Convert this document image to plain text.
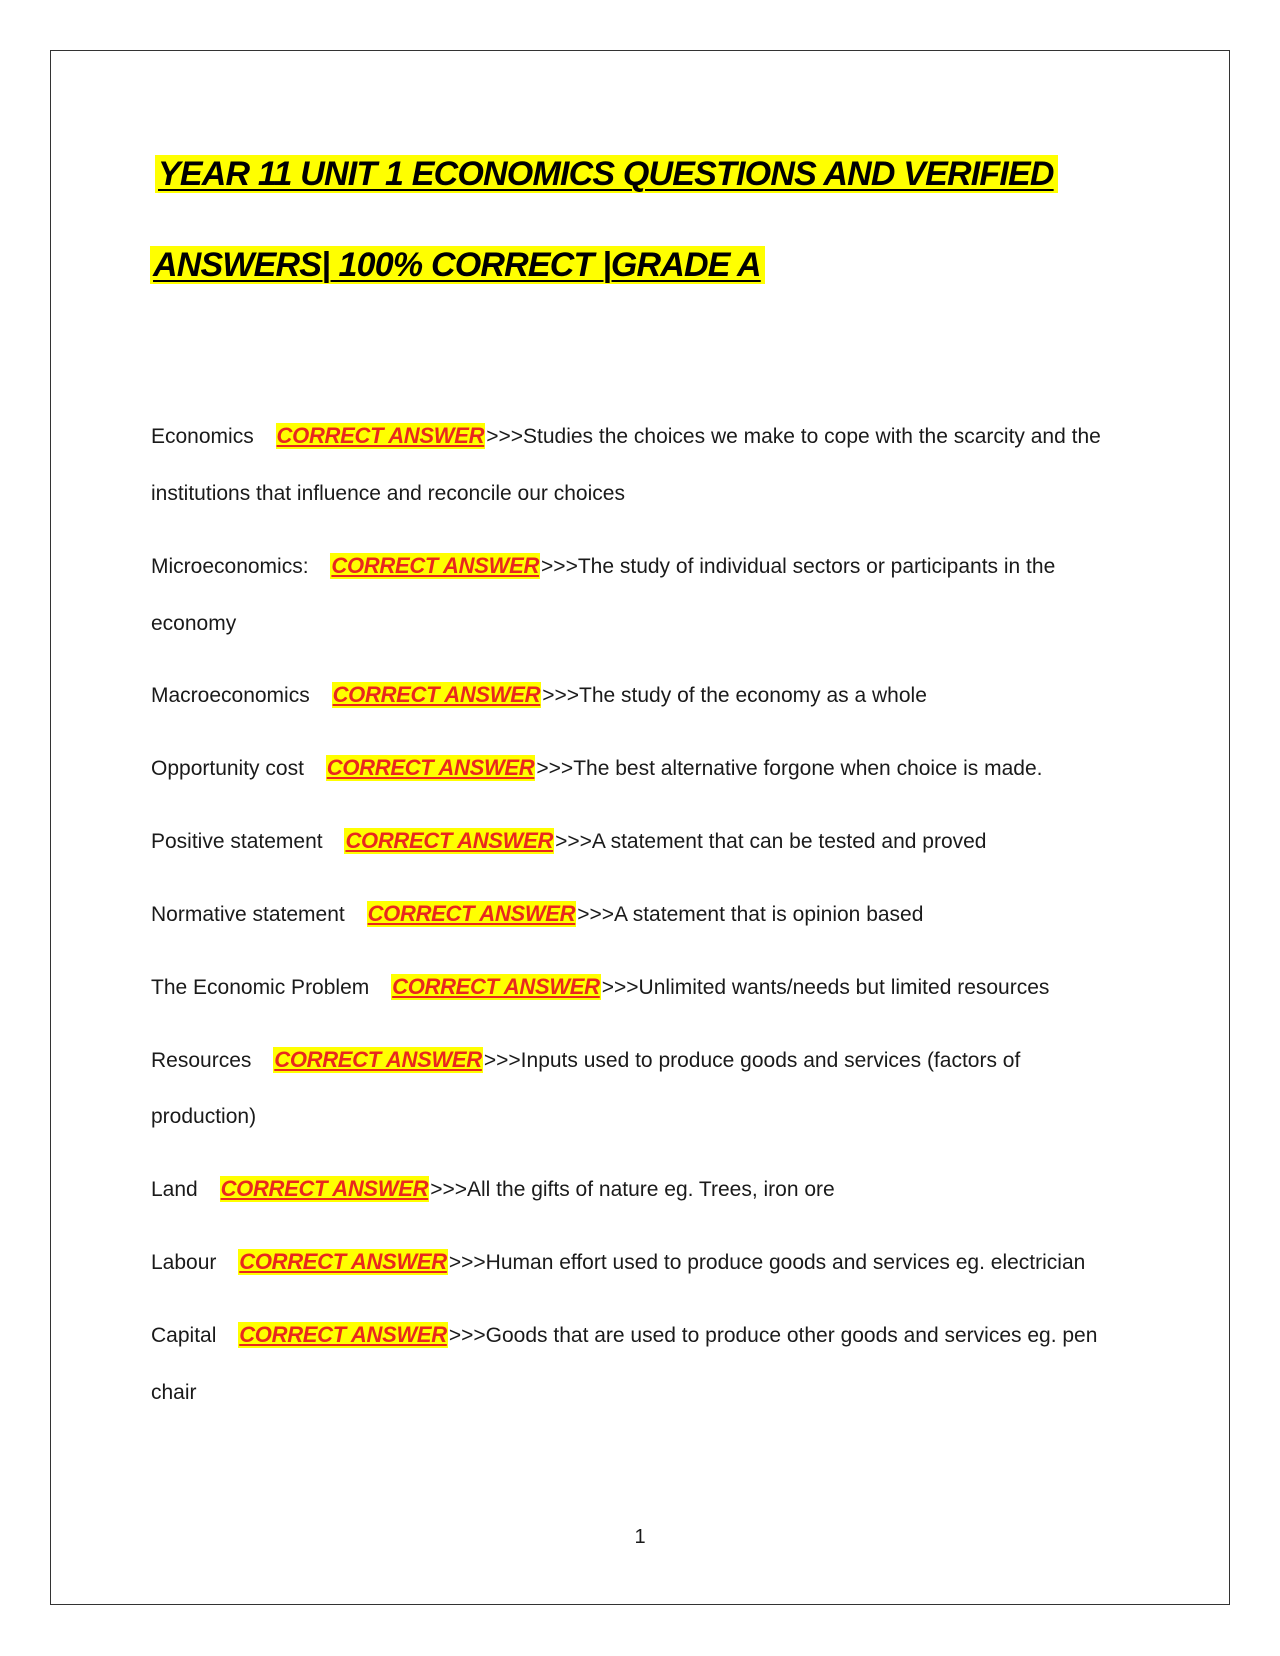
YEAR 11 UNIT 1 ECONOMICS QUESTIONS AND VERIFIED
ANSWERS| 100% CORRECT |GRADE A
Economics CORRECT ANSWER>>>Studies the choices we make to cope with the scarcity and the
institutions that influence and reconcile our choices
Microeconomics: CORRECT ANSWER>>>The study of individual sectors or participants in the
economy
Macroeconomics CORRECT ANSWER>>>The study of the economy as a whole
Opportunity cost CORRECT ANSWER>>>The best alternative forgone when choice is made.
Positive statement CORRECT ANSWER>>>A statement that can be tested and proved
Normative statement CORRECT ANSWER>>>A statement that is opinion based
The Economic Problem CORRECT ANSWER>>>Unlimited wants/needs but limited resources
Resources CORRECT ANSWER>>>Inputs used to produce goods and services (factors of
production)
Land CORRECT ANSWER>>>All the gifts of nature eg. Trees, iron ore
Labour CORRECT ANSWER>>>Human effort used to produce goods and services eg. electrician
Capital CORRECT ANSWER>>>Goods that are used to produce other goods and services eg. pen
chair
1
